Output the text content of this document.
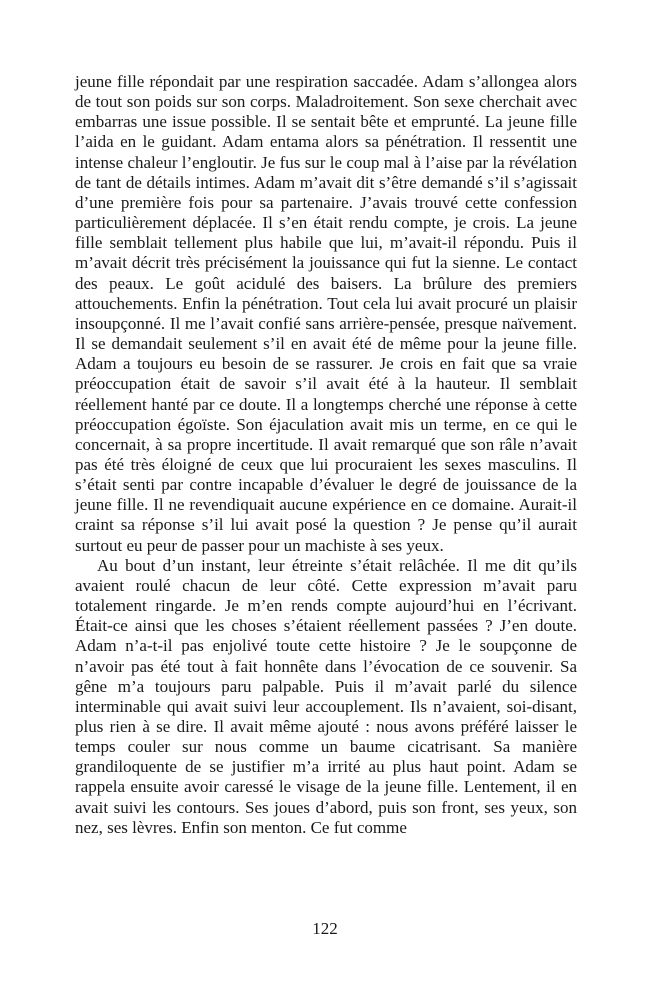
jeune fille répondait par une respiration saccadée. Adam s’allongea alors de tout son poids sur son corps. Maladroitement. Son sexe cherchait avec embarras une issue possible. Il se sentait bête et emprunté. La jeune fille l’aida en le guidant. Adam entama alors sa pénétration. Il ressentit une intense chaleur l’engloutir. Je fus sur le coup mal à l’aise par la révélation de tant de détails intimes. Adam m’avait dit s’être demandé s’il s’agissait d’une première fois pour sa partenaire. J’avais trouvé cette confession particulièrement déplacée. Il s’en était rendu compte, je crois. La jeune fille semblait tellement plus habile que lui, m’avait-il répondu. Puis il m’avait décrit très précisément la jouissance qui fut la sienne. Le contact des peaux. Le goût acidulé des baisers. La brûlure des premiers attouchements. Enfin la pénétration. Tout cela lui avait procuré un plaisir insoupçonné. Il me l’avait confié sans arrière-pensée, presque naïvement. Il se demandait seulement s’il en avait été de même pour la jeune fille. Adam a toujours eu besoin de se rassurer. Je crois en fait que sa vraie préoccupation était de savoir s’il avait été à la hauteur. Il semblait réellement hanté par ce doute. Il a longtemps cherché une réponse à cette préoccupation égoïste. Son éjaculation avait mis un terme, en ce qui le concernait, à sa propre incertitude. Il avait remarqué que son râle n’avait pas été très éloigné de ceux que lui procuraient les sexes masculins. Il s’était senti par contre incapable d’évaluer le degré de jouissance de la jeune fille. Il ne revendiquait aucune expérience en ce domaine. Aurait-il craint sa réponse s’il lui avait posé la question ? Je pense qu’il aurait surtout eu peur de passer pour un machiste à ses yeux.

Au bout d’un instant, leur étreinte s’était relâchée. Il me dit qu’ils avaient roulé chacun de leur côté. Cette expression m’avait paru totalement ringarde. Je m’en rends compte aujourd’hui en l’écrivant. Était-ce ainsi que les choses s’étaient réellement passées ? J’en doute. Adam n’a-t-il pas enjolivé toute cette histoire ? Je le soupçonne de n’avoir pas été tout à fait honnête dans l’évocation de ce souvenir. Sa gêne m’a toujours paru palpable. Puis il m’avait parlé du silence interminable qui avait suivi leur accouplement. Ils n’avaient, soi-disant, plus rien à se dire. Il avait même ajouté : nous avons préféré laisser le temps couler sur nous comme un baume cicatrisant. Sa manière grandiloquente de se justifier m’a irrité au plus haut point. Adam se rappela ensuite avoir caressé le visage de la jeune fille. Lentement, il en avait suivi les contours. Ses joues d’abord, puis son front, ses yeux, son nez, ses lèvres. Enfin son menton. Ce fut comme

122
